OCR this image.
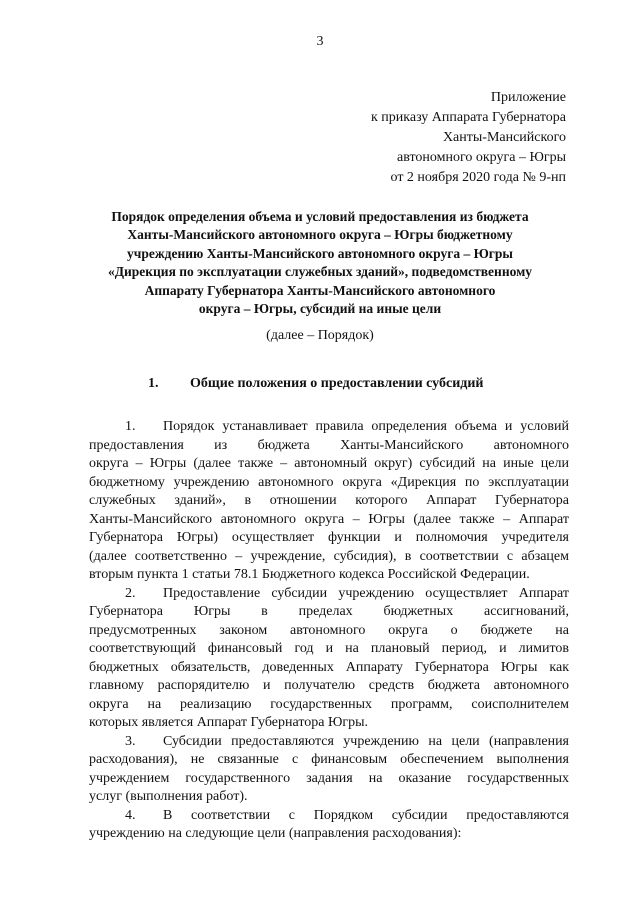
3
Приложение
к приказу Аппарата Губернатора
Ханты-Мансийского
автономного округа – Югры
от 2 ноября 2020 года № 9-нп
Порядок определения объема и условий предоставления из бюджета
Ханты-Мансийского автономного округа – Югры бюджетному
учреждению Ханты-Мансийского автономного округа – Югры
«Дирекция по эксплуатации служебных зданий», подведомственному
Аппарату Губернатора Ханты-Мансийского автономного
округа – Югры, субсидий на иные цели
(далее – Порядок)
1. Общие положения о предоставлении субсидий
1. Порядок устанавливает правила определения объема и условий
предоставления из бюджета Ханты-Мансийского автономного
округа – Югры (далее также – автономный округ) субсидий на иные цели
бюджетному учреждению автономного округа «Дирекция по эксплуатации
служебных зданий», в отношении которого Аппарат Губернатора
Ханты-Мансийского автономного округа – Югры (далее также – Аппарат
Губернатора Югры) осуществляет функции и полномочия учредителя
(далее соответственно – учреждение, субсидия), в соответствии с абзацем
вторым пункта 1 статьи 78.1 Бюджетного кодекса Российской Федерации.
2. Предоставление субсидии учреждению осуществляет Аппарат
Губернатора Югры в пределах бюджетных ассигнований,
предусмотренных законом автономного округа о бюджете на
соответствующий финансовый год и на плановый период, и лимитов
бюджетных обязательств, доведенных Аппарату Губернатора Югры как
главному распорядителю и получателю средств бюджета автономного
округа на реализацию государственных программ, соисполнителем
которых является Аппарат Губернатора Югры.
3. Субсидии предоставляются учреждению на цели (направления
расходования), не связанные с финансовым обеспечением выполнения
учреждением государственного задания на оказание государственных
услуг (выполнения работ).
4. В соответствии с Порядком субсидии предоставляются
учреждению на следующие цели (направления расходования):
